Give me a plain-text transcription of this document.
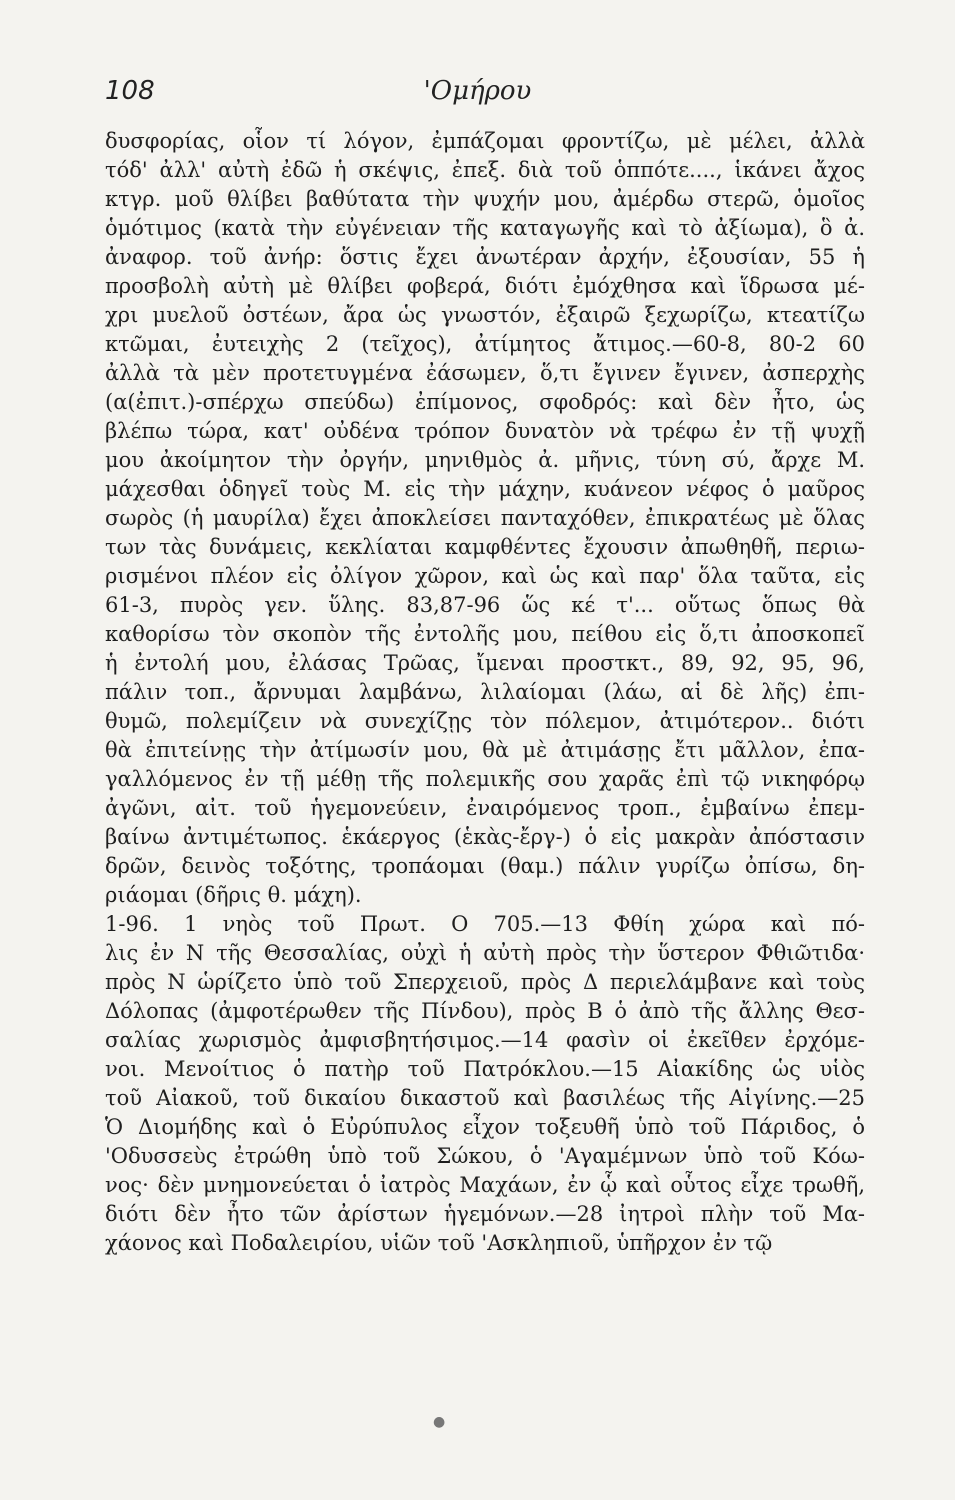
108	'Ομήρου
δυσφορίας, οἷον τί λόγον, ἐμπάζομαι φροντίζω, μὲ μέλει, ἀλλὰ
τόδ' ἀλλ' αὐτὴ ἐδῶ ἡ σκέψις, ἐπεξ. διὰ τοῦ ὁππότε...., ἱκάνει ἄχος
κτγρ. μοῦ θλίβει βαθύτατα τὴν ψυχήν μου, ἀμέρδω στερῶ, ὁμοῖος
ὁμότιμος (κατὰ τὴν εὐγένειαν τῆς καταγωγῆς καὶ τὸ ἀξίωμα), ὃ ἀ.
ἀναφορ. τοῦ ἀνήρ: ὅστις ἔχει ἀνωτέραν ἀρχήν, ἐξουσίαν, 55 ἡ
προσβολὴ αὐτὴ μὲ θλίβει φοβερά, διότι ἐμόχθησα καὶ ἵδρωσα μέ-
χρι μυελοῦ ὀστέων, ἄρα ὡς γνωστόν, ἐξαιρῶ ξεχωρίζω, κτεατίζω
κτῶμαι, ἐυτειχὴς 2 (τεῖχος), ἀτίμητος ἄτιμος.—60-8, 80-2 60
ἀλλὰ τὰ μὲν προτετυγμένα ἐάσωμεν, ὅ,τι ἔγινεν ἔγινεν, ἀσπερχὴς
(α(ἐπιτ.)-σπέρχω σπεύδω) ἐπίμονος, σφοδρός: καὶ δὲν ἦτο, ὡς
βλέπω τώρα, κατ' οὐδένα τρόπον δυνατὸν νὰ τρέφω ἐν τῇ ψυχῇ
μου ἀκοίμητον τὴν ὀργήν, μηνιθμὸς ἀ. μῆνις, τύνη σύ, ἄρχε Μ.
μάχεσθαι ὁδηγεῖ τοὺς Μ. εἰς τὴν μάχην, κυάνεον νέφος ὁ μαῦρος
σωρὸς (ἡ μαυρίλα) ἔχει ἀποκλείσει πανταχόθεν, ἐπικρατέως μὲ ὅλας
των τὰς δυνάμεις, κεκλίαται καμφθέντες ἔχουσιν ἀπωθηθῆ, περιω-
ρισμένοι πλέον εἰς ὀλίγον χῶρον, καὶ ὡς καὶ παρ' ὅλα ταῦτα, εἰς
61-3, πυρὸς γεν. ὕλης. 83,87-96 ὥς κέ τ'... οὕτως ὅπως θὰ
καθορίσω τὸν σκοπὸν τῆς ἐντολῆς μου, πείθου εἰς ὅ,τι ἀποσκοπεῖ
ἡ ἐντολή μου, ἐλάσας Τρῶας, ἴμεναι προστκτ., 89, 92, 95, 96,
πάλιν τοπ., ἄρνυμαι λαμβάνω, λιλαίομαι (λάω, αἱ δὲ λῆς) ἐπι-
θυμῶ, πολεμίζειν νὰ συνεχίζῃς τὸν πόλεμον, ἀτιμότερον.. διότι
θὰ ἐπιτείνῃς τὴν ἀτίμωσίν μου, θὰ μὲ ἀτιμάσῃς ἔτι μᾶλλον, ἐπα-
γαλλόμενος ἐν τῇ μέθῃ τῆς πολεμικῆς σου χαρᾶς ἐπὶ τῷ νικηφόρῳ
ἀγῶνι, αἰτ. τοῦ ἡγεμονεύειν, ἐναιρόμενος τροπ., ἐμβαίνω ἐπεμ-
βαίνω ἀντιμέτωπος. ἑκάεργος (ἑκὰς-ἔργ-) ὁ εἰς μακρὰν ἀπόστασιν
δρῶν, δεινὸς τοξότης, τροπάομαι (θαμ.) πάλιν γυρίζω ὀπίσω, δη-
ριάομαι (δῆρις θ. μάχη).
1-96. 1 νηὸς τοῦ Πρωτ. Ο 705.—13 Φθίη χώρα καὶ πό-
λις ἐν Ν τῆς Θεσσαλίας, οὐχὶ ἡ αὐτὴ πρὸς τὴν ὕστερον Φθιῶτιδα·
πρὸς Ν ὡρίζετο ὑπὸ τοῦ Σπερχειοῦ, πρὸς Δ περιελάμβανε καὶ τοὺς
Δόλοπας (ἀμφοτέρωθεν τῆς Πίνδου), πρὸς Β ὁ ἀπὸ τῆς ἄλλης Θεσ-
σαλίας χωρισμὸς ἀμφισβητήσιμος.—14 φασὶν οἱ ἐκεῖθεν ἐρχόμε-
νοι. Μενοίτιος ὁ πατὴρ τοῦ Πατρόκλου.—15 Αἰακίδης ὡς υἱὸς
τοῦ Αἰακοῦ, τοῦ δικαίου δικαστοῦ καὶ βασιλέως τῆς Αἰγίνης.—25
Ὁ Διομήδης καὶ ὁ Εὐρύπυλος εἶχον τοξευθῆ ὑπὸ τοῦ Πάριδος, ὁ
'Οδυσσεὺς ἐτρώθη ὑπὸ τοῦ Σώκου, ὁ 'Αγαμέμνων ὑπὸ τοῦ Κόω-
νος· δὲν μνημονεύεται ὁ ἰατρὸς Μαχάων, ἐν ᾧ καὶ οὗτος εἶχε τρωθῆ,
διότι δὲν ἦτο τῶν ἀρίστων ἡγεμόνων.—28 ἰητροὶ πλὴν τοῦ Μα-
χάονος καὶ Ποδαλειρίου, υἱῶν τοῦ 'Ασκληπιοῦ, ὑπῆρχον ἐν τῷ
●
